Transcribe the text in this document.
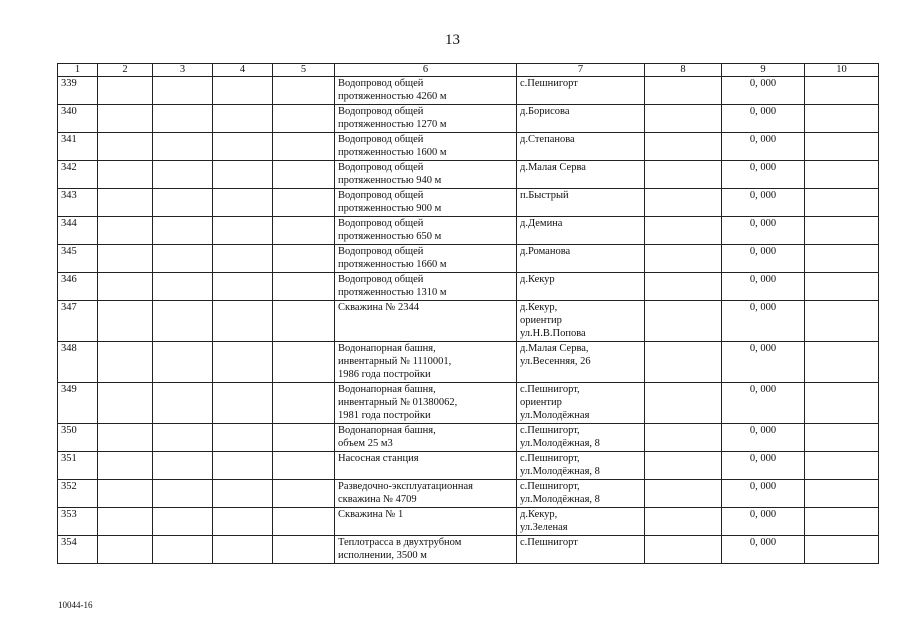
13
1	2	3	4	5	6	7	8	9	10
339					Водопровод общей
протяженностью 4260 м	с.Пешнигорт		0, 000	
340					Водопровод общей
протяженностью 1270 м	д.Борисова		0, 000	
341					Водопровод общей
протяженностью 1600 м	д.Степанова		0, 000	
342					Водопровод общей
протяженностью 940 м	д.Малая Серва		0, 000	
343					Водопровод общей
протяженностью 900 м	п.Быстрый		0, 000	
344					Водопровод общей
протяженностью 650 м	д.Демина		0, 000	
345					Водопровод общей
протяженностью 1660 м	д.Романова		0, 000	
346					Водопровод общей
протяженностью 1310 м	д.Кекур		0, 000	
347					Скважина № 2344	д.Кекур,
ориентир
ул.Н.В.Попова		0, 000	
348					Водонапорная башня,
инвентарный № 1110001,
1986 года постройки	д.Малая Серва,
ул.Весенняя, 26		0, 000	
349					Водонапорная башня,
инвентарный № 01380062,
1981 года постройки	с.Пешнигорт,
ориентир
ул.Молодёжная		0, 000	
350					Водонапорная башня,
объем 25 м3	с.Пешнигорт,
ул.Молодёжная, 8		0, 000	
351					Насосная станция	с.Пешнигорт,
ул.Молодёжная, 8		0, 000	
352					Разведочно-эксплуатационная
скважина № 4709	с.Пешнигорт,
ул.Молодёжная, 8		0, 000	
353					Скважина № 1	д.Кекур,
ул.Зеленая		0, 000	
354					Теплотрасса в двухтрубном
исполнении, 3500 м	с.Пешнигорт		0, 000	
10044-16
